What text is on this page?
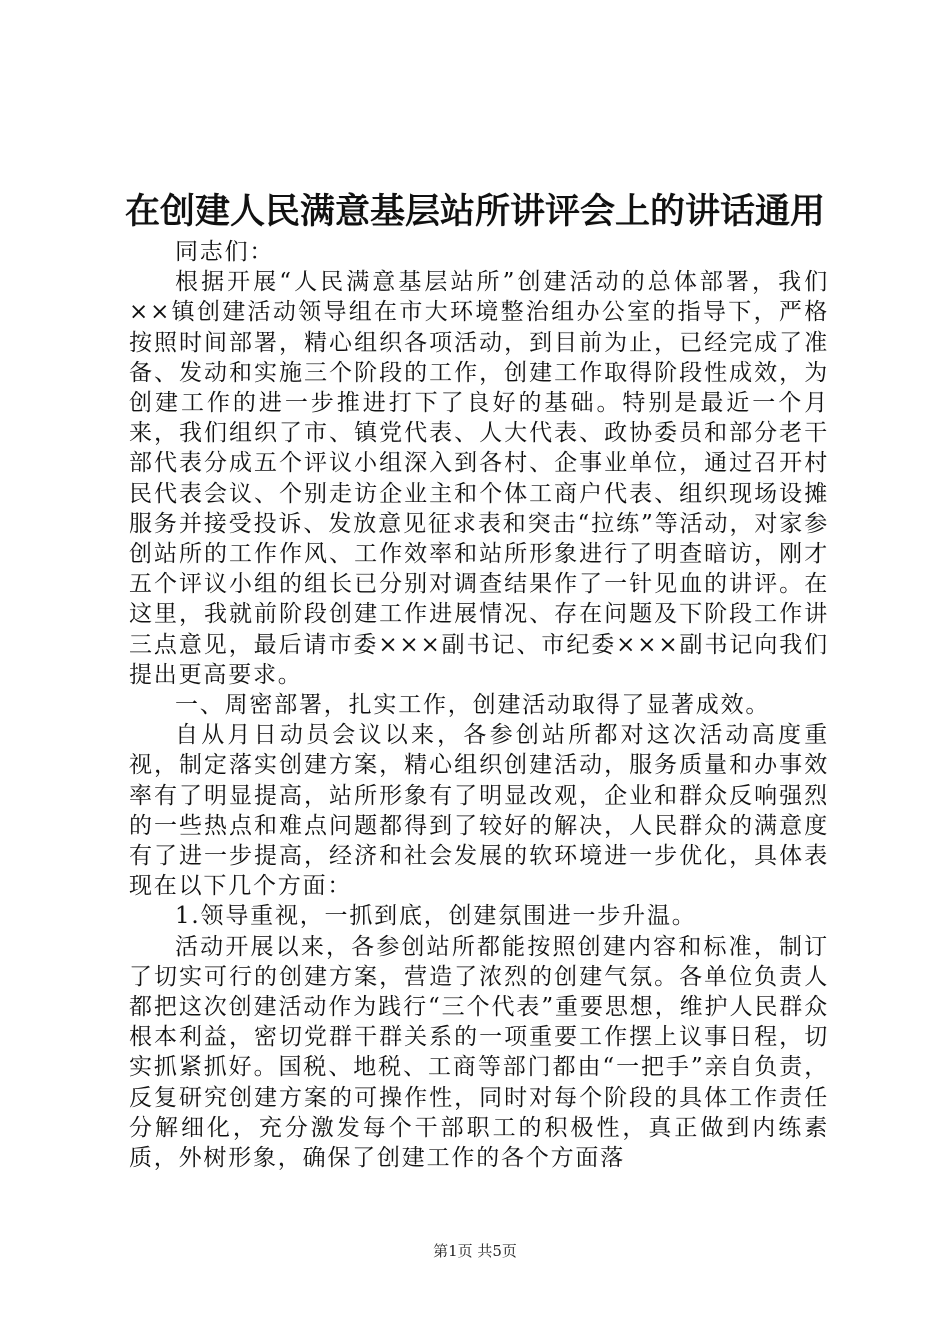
在创建人民满意基层站所讲评会上的讲话通用

同志们：

根据开展“人民满意基层站所”创建活动的总体部署，我们××镇创建活动领导组在市大环境整治组办公室的指导下，严格按照时间部署，精心组织各项活动，到目前为止，已经完成了准备、发动和实施三个阶段的工作，创建工作取得阶段性成效，为创建工作的进一步推进打下了良好的基础。特别是最近一个月来，我们组织了市、镇党代表、人大代表、政协委员和部分老干部代表分成五个评议小组深入到各村、企事业单位，通过召开村民代表会议、个别走访企业主和个体工商户代表、组织现场设摊服务并接受投诉、发放意见征求表和突击“拉练”等活动，对家参创站所的工作作风、工作效率和站所形象进行了明查暗访，刚才五个评议小组的组长已分别对调查结果作了一针见血的讲评。在这里，我就前阶段创建工作进展情况、存在问题及下阶段工作讲三点意见，最后请市委×××副书记、市纪委×××副书记向我们提出更高要求。

一、周密部署，扎实工作，创建活动取得了显著成效。

自从月日动员会议以来，各参创站所都对这次活动高度重视，制定落实创建方案，精心组织创建活动，服务质量和办事效率有了明显提高，站所形象有了明显改观，企业和群众反响强烈的一些热点和难点问题都得到了较好的解决，人民群众的满意度有了进一步提高，经济和社会发展的软环境进一步优化，具体表现在以下几个方面：

1.领导重视，一抓到底，创建氛围进一步升温。

活动开展以来，各参创站所都能按照创建内容和标准，制订了切实可行的创建方案，营造了浓烈的创建气氛。各单位负责人都把这次创建活动作为践行“三个代表”重要思想，维护人民群众根本利益，密切党群干群关系的一项重要工作摆上议事日程，切实抓紧抓好。国税、地税、工商等部门都由“一把手”亲自负责，反复研究创建方案的可操作性，同时对每个阶段的具体工作责任分解细化，充分激发每个干部职工的积极性，真正做到内练素质，外树形象，确保了创建工作的各个方面落

第1页 共5页
